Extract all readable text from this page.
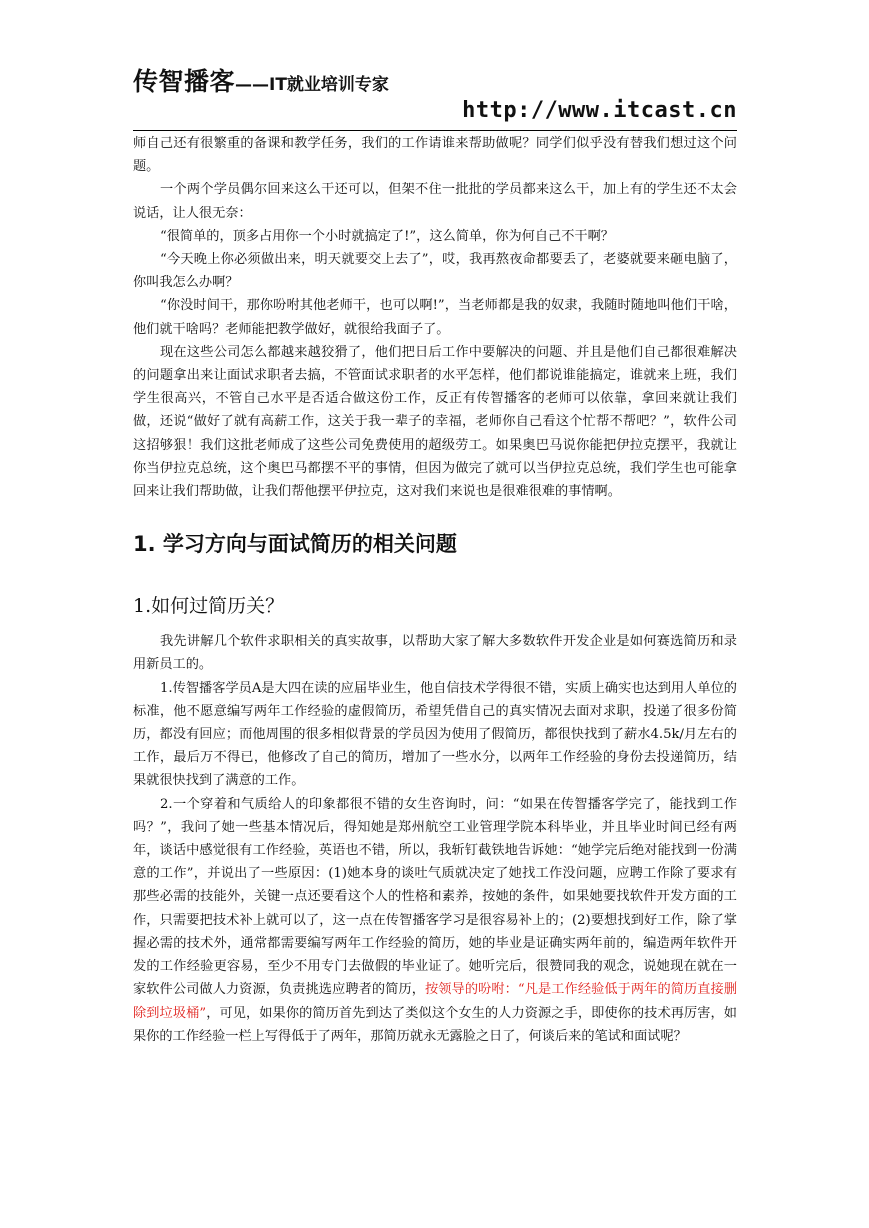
传智播客——IT就业培训专家
http://www.itcast.cn

师自己还有很繁重的备课和教学任务，我们的工作请谁来帮助做呢？同学们似乎没有替我们想过这个问题。

一个两个学员偶尔回来这么干还可以，但架不住一批批的学员都来这么干，加上有的学生还不太会说话，让人很无奈：

“很简单的，顶多占用你一个小时就搞定了!”，这么简单，你为何自己不干啊？

“今天晚上你必须做出来，明天就要交上去了”，哎，我再熬夜命都要丢了，老婆就要来砸电脑了，你叫我怎么办啊？

“你没时间干，那你吩咐其他老师干，也可以啊!”，当老师都是我的奴隶，我随时随地叫他们干啥，他们就干啥吗？老师能把教学做好，就很给我面子了。

现在这些公司怎么都越来越狡猾了，他们把日后工作中要解决的问题、并且是他们自己都很难解决的问题拿出来让面试求职者去搞，不管面试求职者的水平怎样，他们都说谁能搞定，谁就来上班，我们学生很高兴，不管自己水平是否适合做这份工作，反正有传智播客的老师可以依靠，拿回来就让我们做，还说“做好了就有高薪工作，这关于我一辈子的幸福，老师你自己看这个忙帮不帮吧？”，软件公司这招够狠！我们这批老师成了这些公司免费使用的超级劳工。如果奥巴马说你能把伊拉克摆平，我就让你当伊拉克总统，这个奥巴马都摆不平的事情，但因为做完了就可以当伊拉克总统，我们学生也可能拿回来让我们帮助做，让我们帮他摆平伊拉克，这对我们来说也是很难很难的事情啊。

1. 学习方向与面试简历的相关问题
1.如何过简历关？

我先讲解几个软件求职相关的真实故事，以帮助大家了解大多数软件开发企业是如何赛选简历和录用新员工的。

1.传智播客学员A是大四在读的应届毕业生，他自信技术学得很不错，实质上确实也达到用人单位的标准，他不愿意编写两年工作经验的虚假简历，希望凭借自己的真实情况去面对求职，投递了很多份简历，都没有回应；而他周围的很多相似背景的学员因为使用了假简历，都很快找到了薪水4.5k/月左右的工作，最后万不得已，他修改了自己的简历，增加了一些水分，以两年工作经验的身份去投递简历，结果就很快找到了满意的工作。

2.一个穿着和气质给人的印象都很不错的女生咨询时，问：“如果在传智播客学完了，能找到工作吗？”，我问了她一些基本情况后，得知她是郑州航空工业管理学院本科毕业，并且毕业时间已经有两年，谈话中感觉很有工作经验，英语也不错，所以，我斩钉截铁地告诉她：“她学完后绝对能找到一份满意的工作”，并说出了一些原因：(1)她本身的谈吐气质就决定了她找工作没问题，应聘工作除了要求有那些必需的技能外，关键一点还要看这个人的性格和素养，按她的条件，如果她要找软件开发方面的工作，只需要把技术补上就可以了，这一点在传智播客学习是很容易补上的；(2)要想找到好工作，除了掌握必需的技术外，通常都需要编写两年工作经验的简历，她的毕业是证确实两年前的，编造两年软件开发的工作经验更容易，至少不用专门去做假的毕业证了。她听完后，很赞同我的观念，说她现在就在一家软件公司做人力资源，负责挑选应聘者的简历，按领导的吩咐：“凡是工作经验低于两年的简历直接删除到垃圾桶”，可见，如果你的简历首先到达了类似这个女生的人力资源之手，即使你的技术再厉害，如果你的工作经验一栏上写得低于了两年，那简历就永无露脸之日了，何谈后来的笔试和面试呢？
